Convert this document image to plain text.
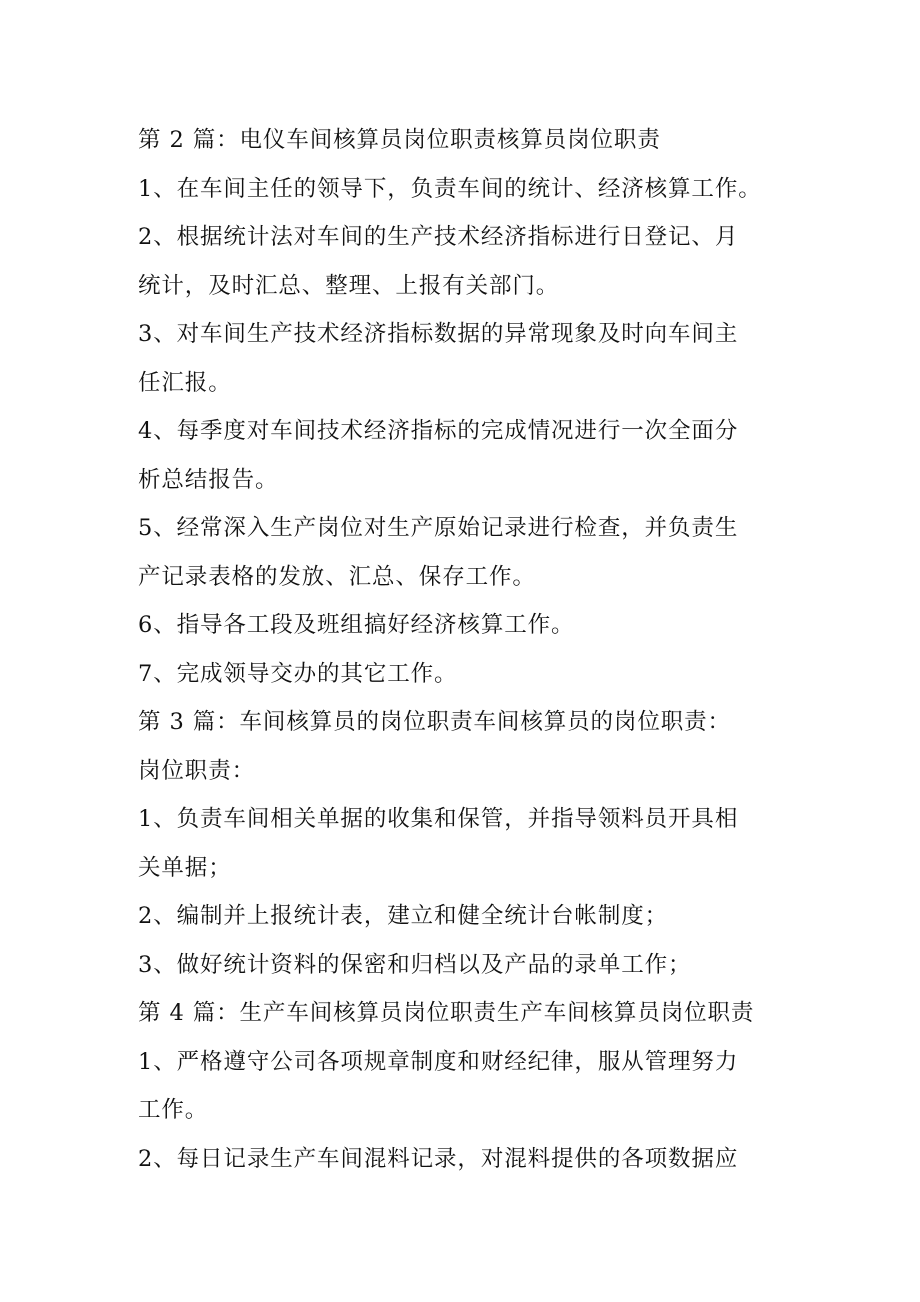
第 2 篇：电仪车间核算员岗位职责核算员岗位职责

1、在车间主任的领导下，负责车间的统计、经济核算工作。

2、根据统计法对车间的生产技术经济指标进行日登记、月

统计，及时汇总、整理、上报有关部门。

3、对车间生产技术经济指标数据的异常现象及时向车间主

任汇报。

4、每季度对车间技术经济指标的完成情况进行一次全面分

析总结报告。

5、经常深入生产岗位对生产原始记录进行检查，并负责生

产记录表格的发放、汇总、保存工作。

6、指导各工段及班组搞好经济核算工作。

7、完成领导交办的其它工作。

第 3 篇：车间核算员的岗位职责车间核算员的岗位职责：

岗位职责：

1、负责车间相关单据的收集和保管，并指导领料员开具相

关单据；

2、编制并上报统计表，建立和健全统计台帐制度；

3、做好统计资料的保密和归档以及产品的录单工作；

第 4 篇：生产车间核算员岗位职责生产车间核算员岗位职责

1、严格遵守公司各项规章制度和财经纪律，服从管理努力

工作。

2、每日记录生产车间混料记录，对混料提供的各项数据应
